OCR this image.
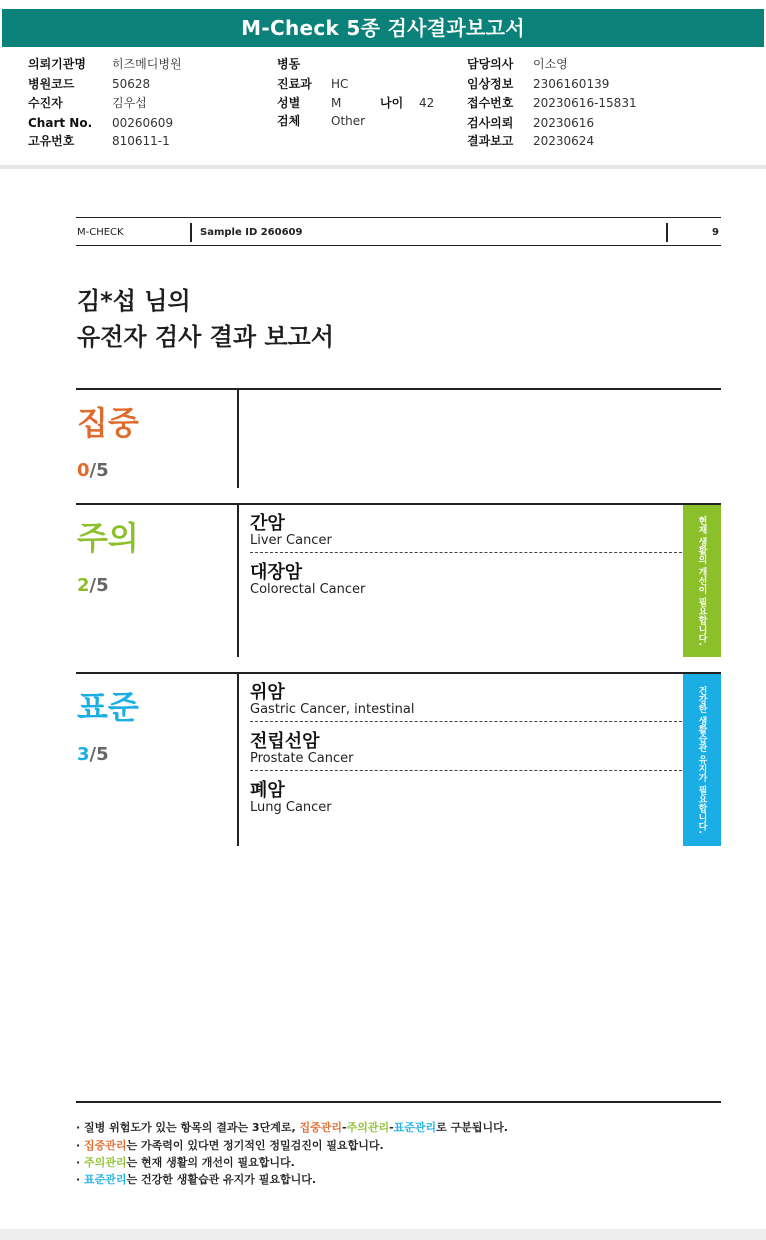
M-Check 5종 검사결과보고서
의뢰기관명 히즈메디병원
병원코드	50628
수진자	김우섭
Chart No. 00260609
고유번호	810611-1
병동
진료과 HC
성별	M	나이 42
검체	Other
담당의사 이소영
임상정보 2306160139
접수번호 20230616-15831
검사의뢰 20230616
결과보고 20230624
M-CHECK	Sample ID 260609	9
김*섭 님의
유전자 검사 결과 보고서
집중
0/5
주의
2/5
간암
Liver Cancer
대장암
Colorectal Cancer	현재 생활의 개선이 필요합니다.
표준
3/5
위암
Gastric Cancer, intestinal
전립선암
Prostate Cancer
폐암
Lung Cancer	건강한 생활습관 유지가 필요합니다.
· 질병 위험도가 있는 항목의 결과는 3단계로, 집중관리-주의관리-표준관리로 구분됩니다.
· 집중관리는 가족력이 있다면 정기적인 정밀검진이 필요합니다.
· 주의관리는 현재 생활의 개선이 필요합니다.
· 표준관리는 건강한 생활습관 유지가 필요합니다.
